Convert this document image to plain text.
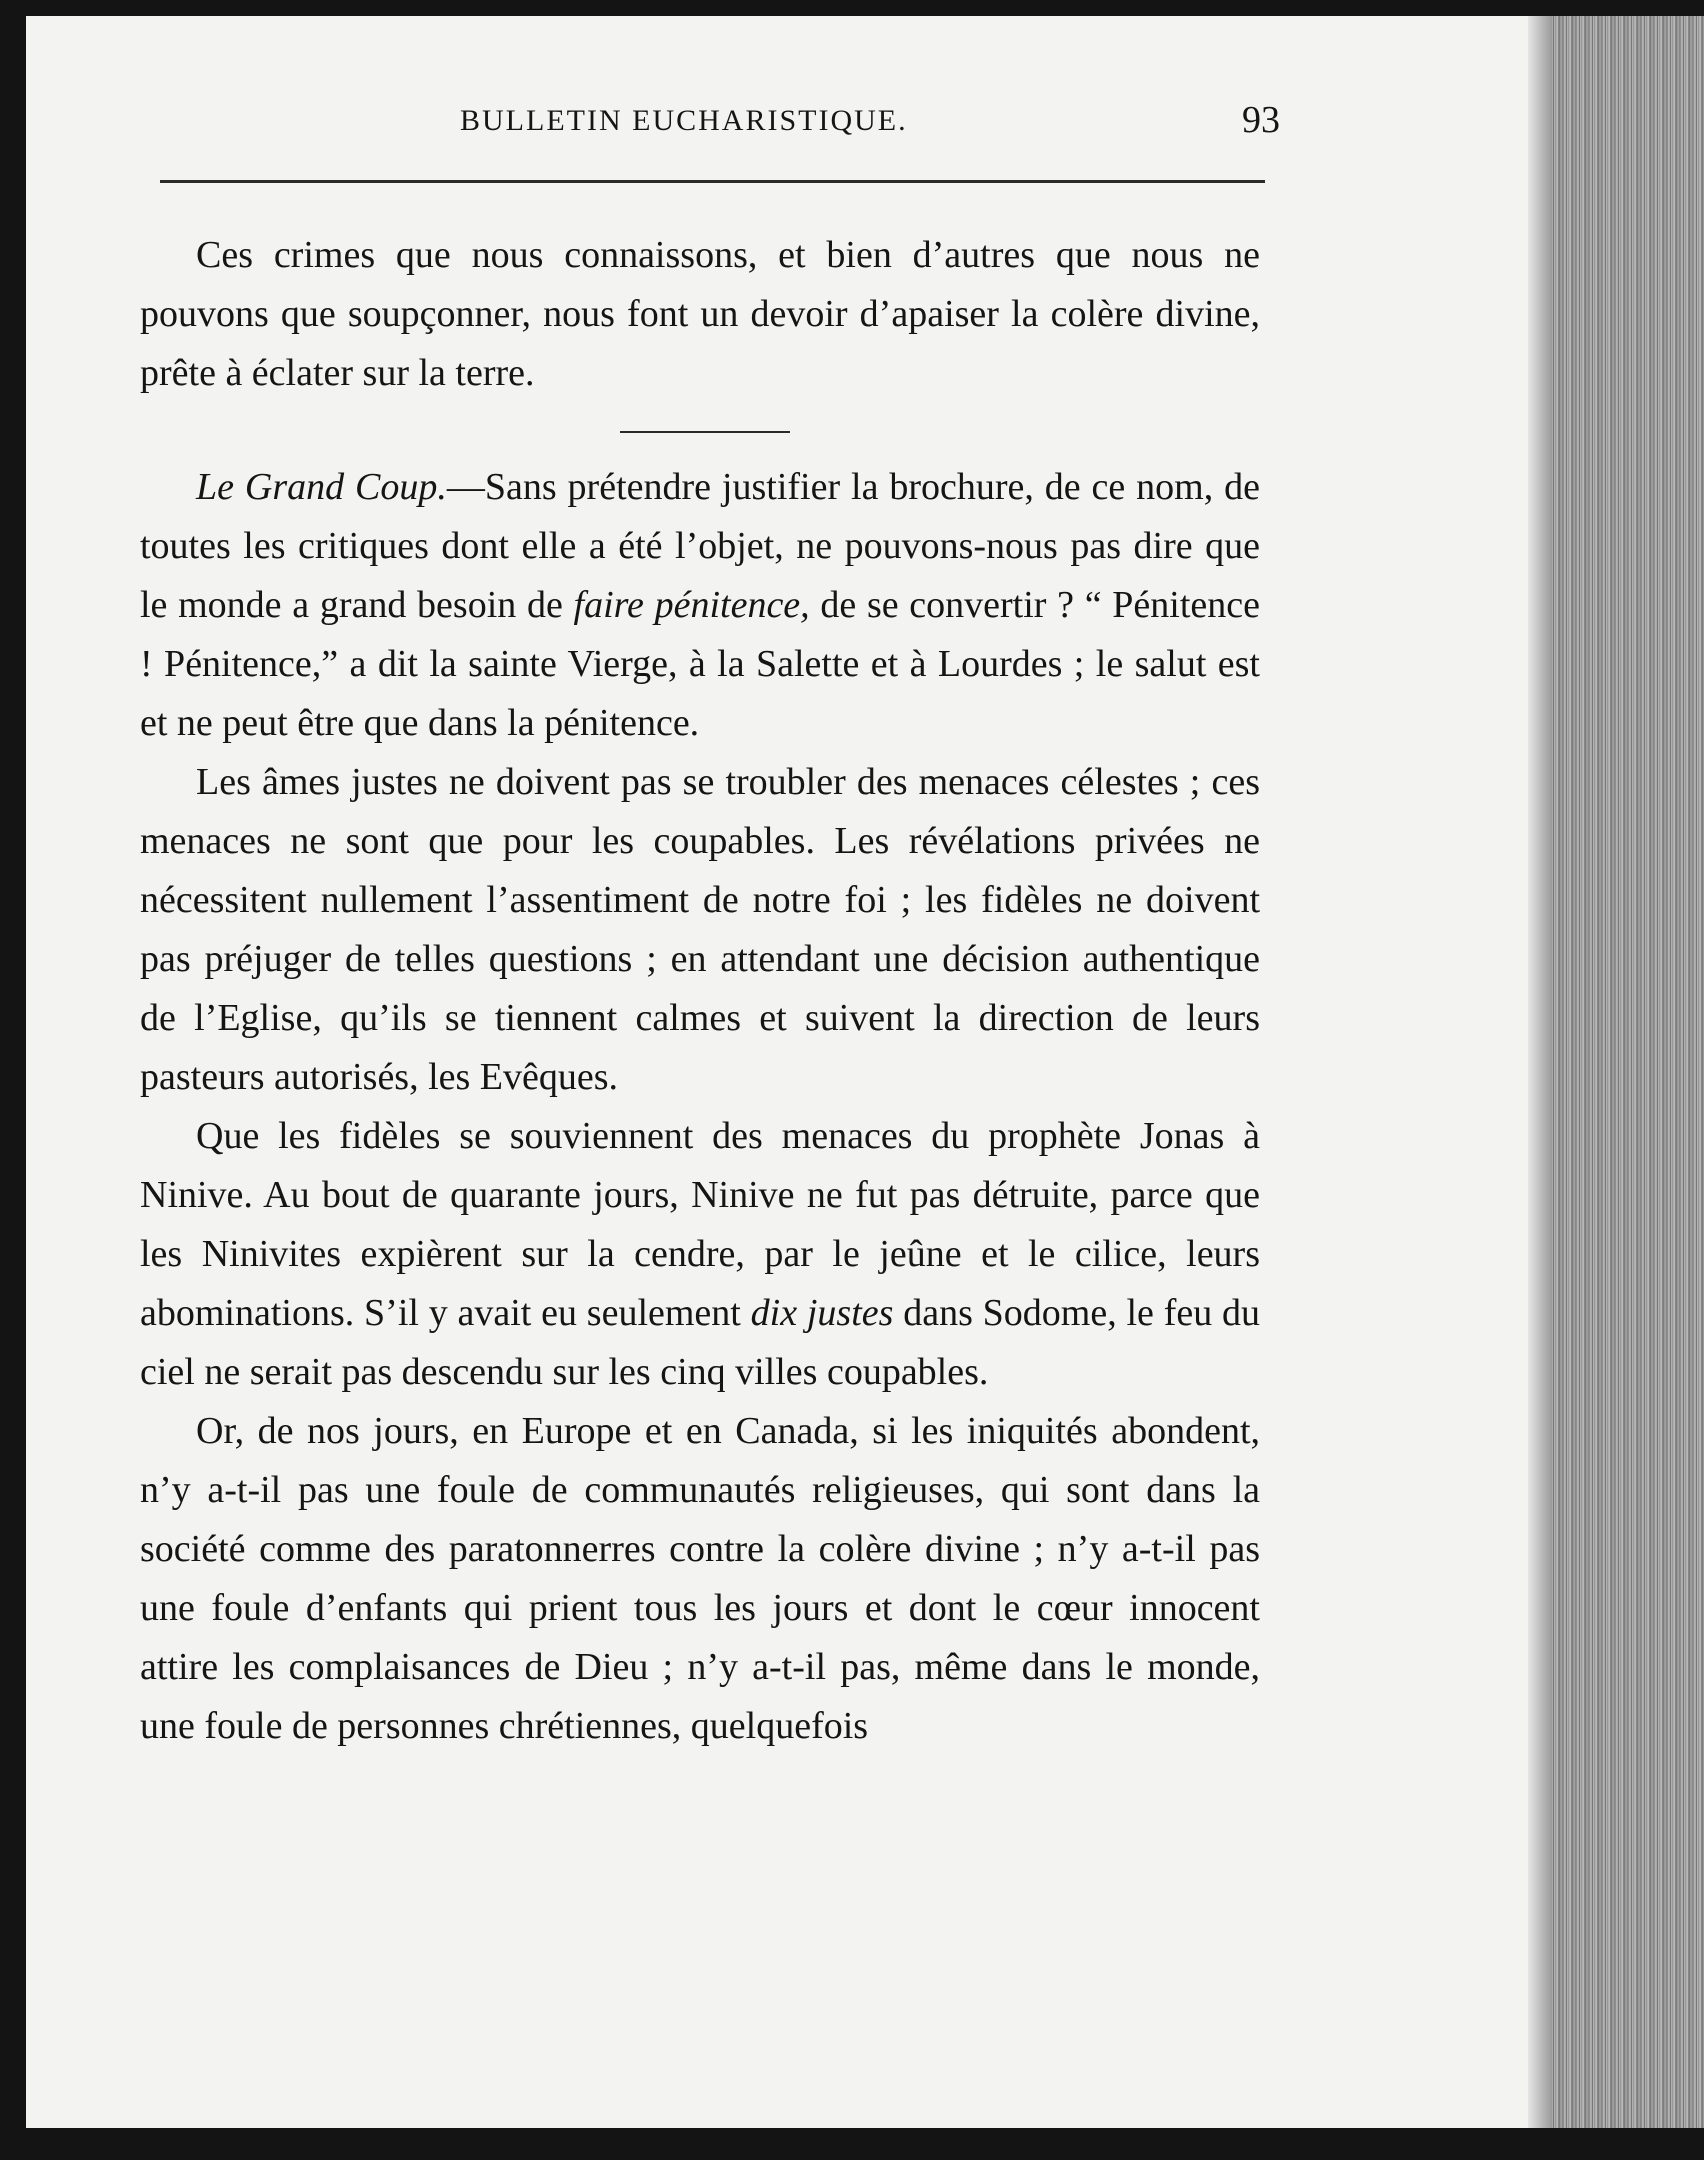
BULLETIN EUCHARISTIQUE.	93

Ces crimes que nous connaissons, et bien d’autres que nous ne pouvons que soupçonner, nous font un devoir d’apaiser la colère divine, prête à éclater sur la terre.

Le Grand Coup.—Sans prétendre justifier la brochure, de ce nom, de toutes les critiques dont elle a été l’objet, ne pouvons-nous pas dire que le monde a grand besoin de faire pénitence, de se convertir ? “ Pénitence ! Pénitence,” a dit la sainte Vierge, à la Salette et à Lourdes ; le salut est et ne peut être que dans la pénitence.

Les âmes justes ne doivent pas se troubler des menaces célestes ; ces menaces ne sont que pour les coupables. Les révélations privées ne nécessitent nullement l’assentiment de notre foi ; les fidèles ne doivent pas préjuger de telles questions ; en attendant une décision authentique de l’Eglise, qu’ils se tiennent calmes et suivent la direction de leurs pasteurs autorisés, les Evêques.

Que les fidèles se souviennent des menaces du prophète Jonas à Ninive. Au bout de quarante jours, Ninive ne fut pas détruite, parce que les Ninivites expièrent sur la cendre, par le jeûne et le cilice, leurs abominations. S’il y avait eu seulement dix justes dans Sodome, le feu du ciel ne serait pas descendu sur les cinq villes coupables.

Or, de nos jours, en Europe et en Canada, si les iniquités abondent, n’y a-t-il pas une foule de communautés religieuses, qui sont dans la société comme des paratonnerres contre la colère divine ; n’y a-t-il pas une foule d’enfants qui prient tous les jours et dont le cœur innocent attire les complaisances de Dieu ; n’y a-t-il pas, même dans le monde, une foule de personnes chrétiennes, quelquefois
